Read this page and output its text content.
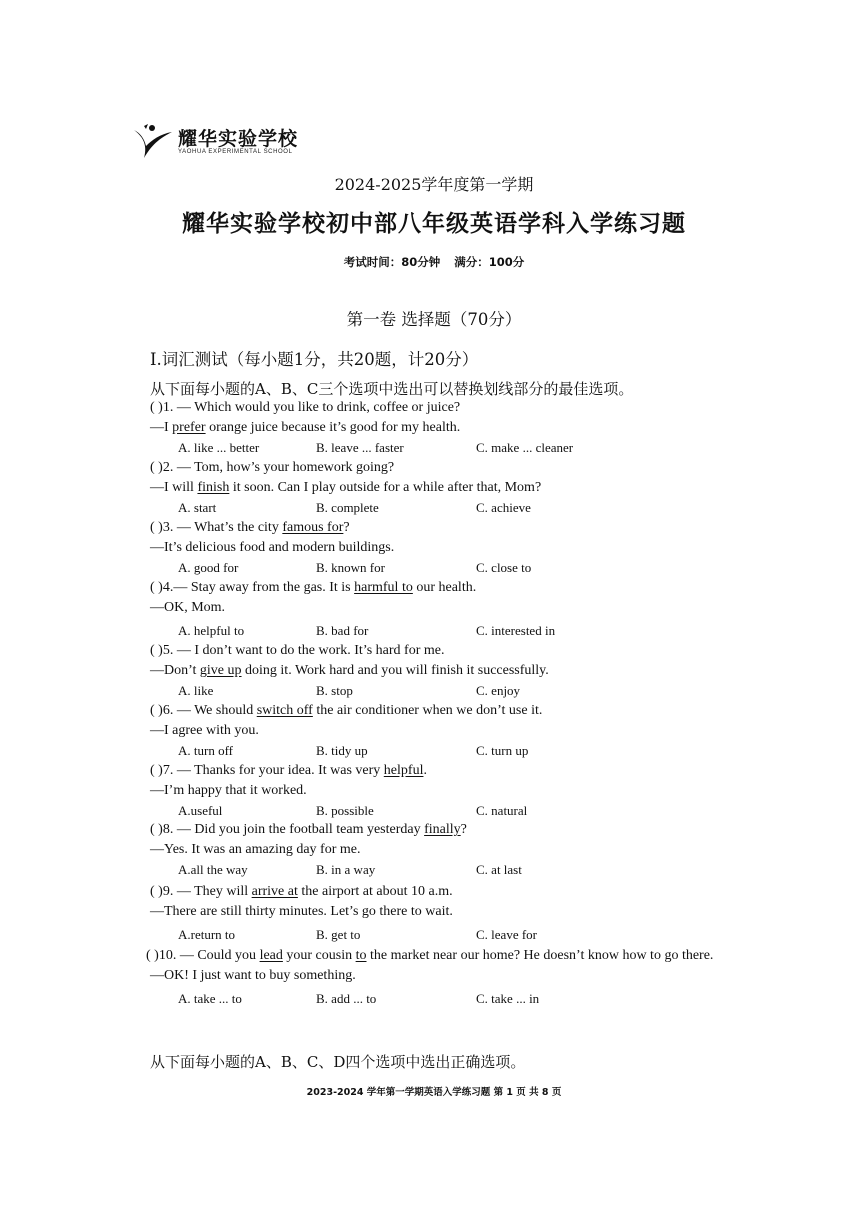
耀华实验学校
YAOHUA EXPERIMENTAL SCHOOL
2024-2025学年度第一学期
耀华实验学校初中部八年级英语学科入学练习题
考试时间：80分钟 满分：100分
第一卷 选择题（70分）
I.词汇测试（每小题1分，共20题，计20分）
从下面每小题的A、B、C三个选项中选出可以替换划线部分的最佳选项。
( )1. — Which would you like to drink, coffee or juice?
—I prefer orange juice because it’s good for my health.
A. like ... better	B. leave ... faster	C. make ... cleaner
( )2. — Tom, how’s your homework going?
—I will finish it soon. Can I play outside for a while after that, Mom?
A. start	B. complete	C. achieve
( )3. — What’s the city famous for?
—It’s delicious food and modern buildings.
A. good for	B. known for	C. close to
( )4.— Stay away from the gas. It is harmful to our health.
—OK, Mom.
A. helpful to	B. bad for	C. interested in
( )5. — I don’t want to do the work. It’s hard for me.
—Don’t give up doing it. Work hard and you will finish it successfully.
A. like	B. stop	C. enjoy
( )6. — We should switch off the air conditioner when we don’t use it.
—I agree with you.
A. turn off	B. tidy up	C. turn up
( )7. — Thanks for your idea. It was very helpful.
—I’m happy that it worked.
A.useful	B. possible	C. natural
( )8. — Did you join the football team yesterday finally?
—Yes. It was an amazing day for me.
A.all the way	B. in a way	C. at last
( )9. — They will arrive at the airport at about 10 a.m.
—There are still thirty minutes. Let’s go there to wait.
A.return to	B. get to	C. leave for
( )10. — Could you lead your cousin to the market near our home? He doesn’t know how to go there.
—OK! I just want to buy something.
A. take ... to	B. add ... to	C. take ... in
从下面每小题的A、B、C、D四个选项中选出正确选项。
2023-2024 学年第一学期英语入学练习题 第 1 页 共 8 页
